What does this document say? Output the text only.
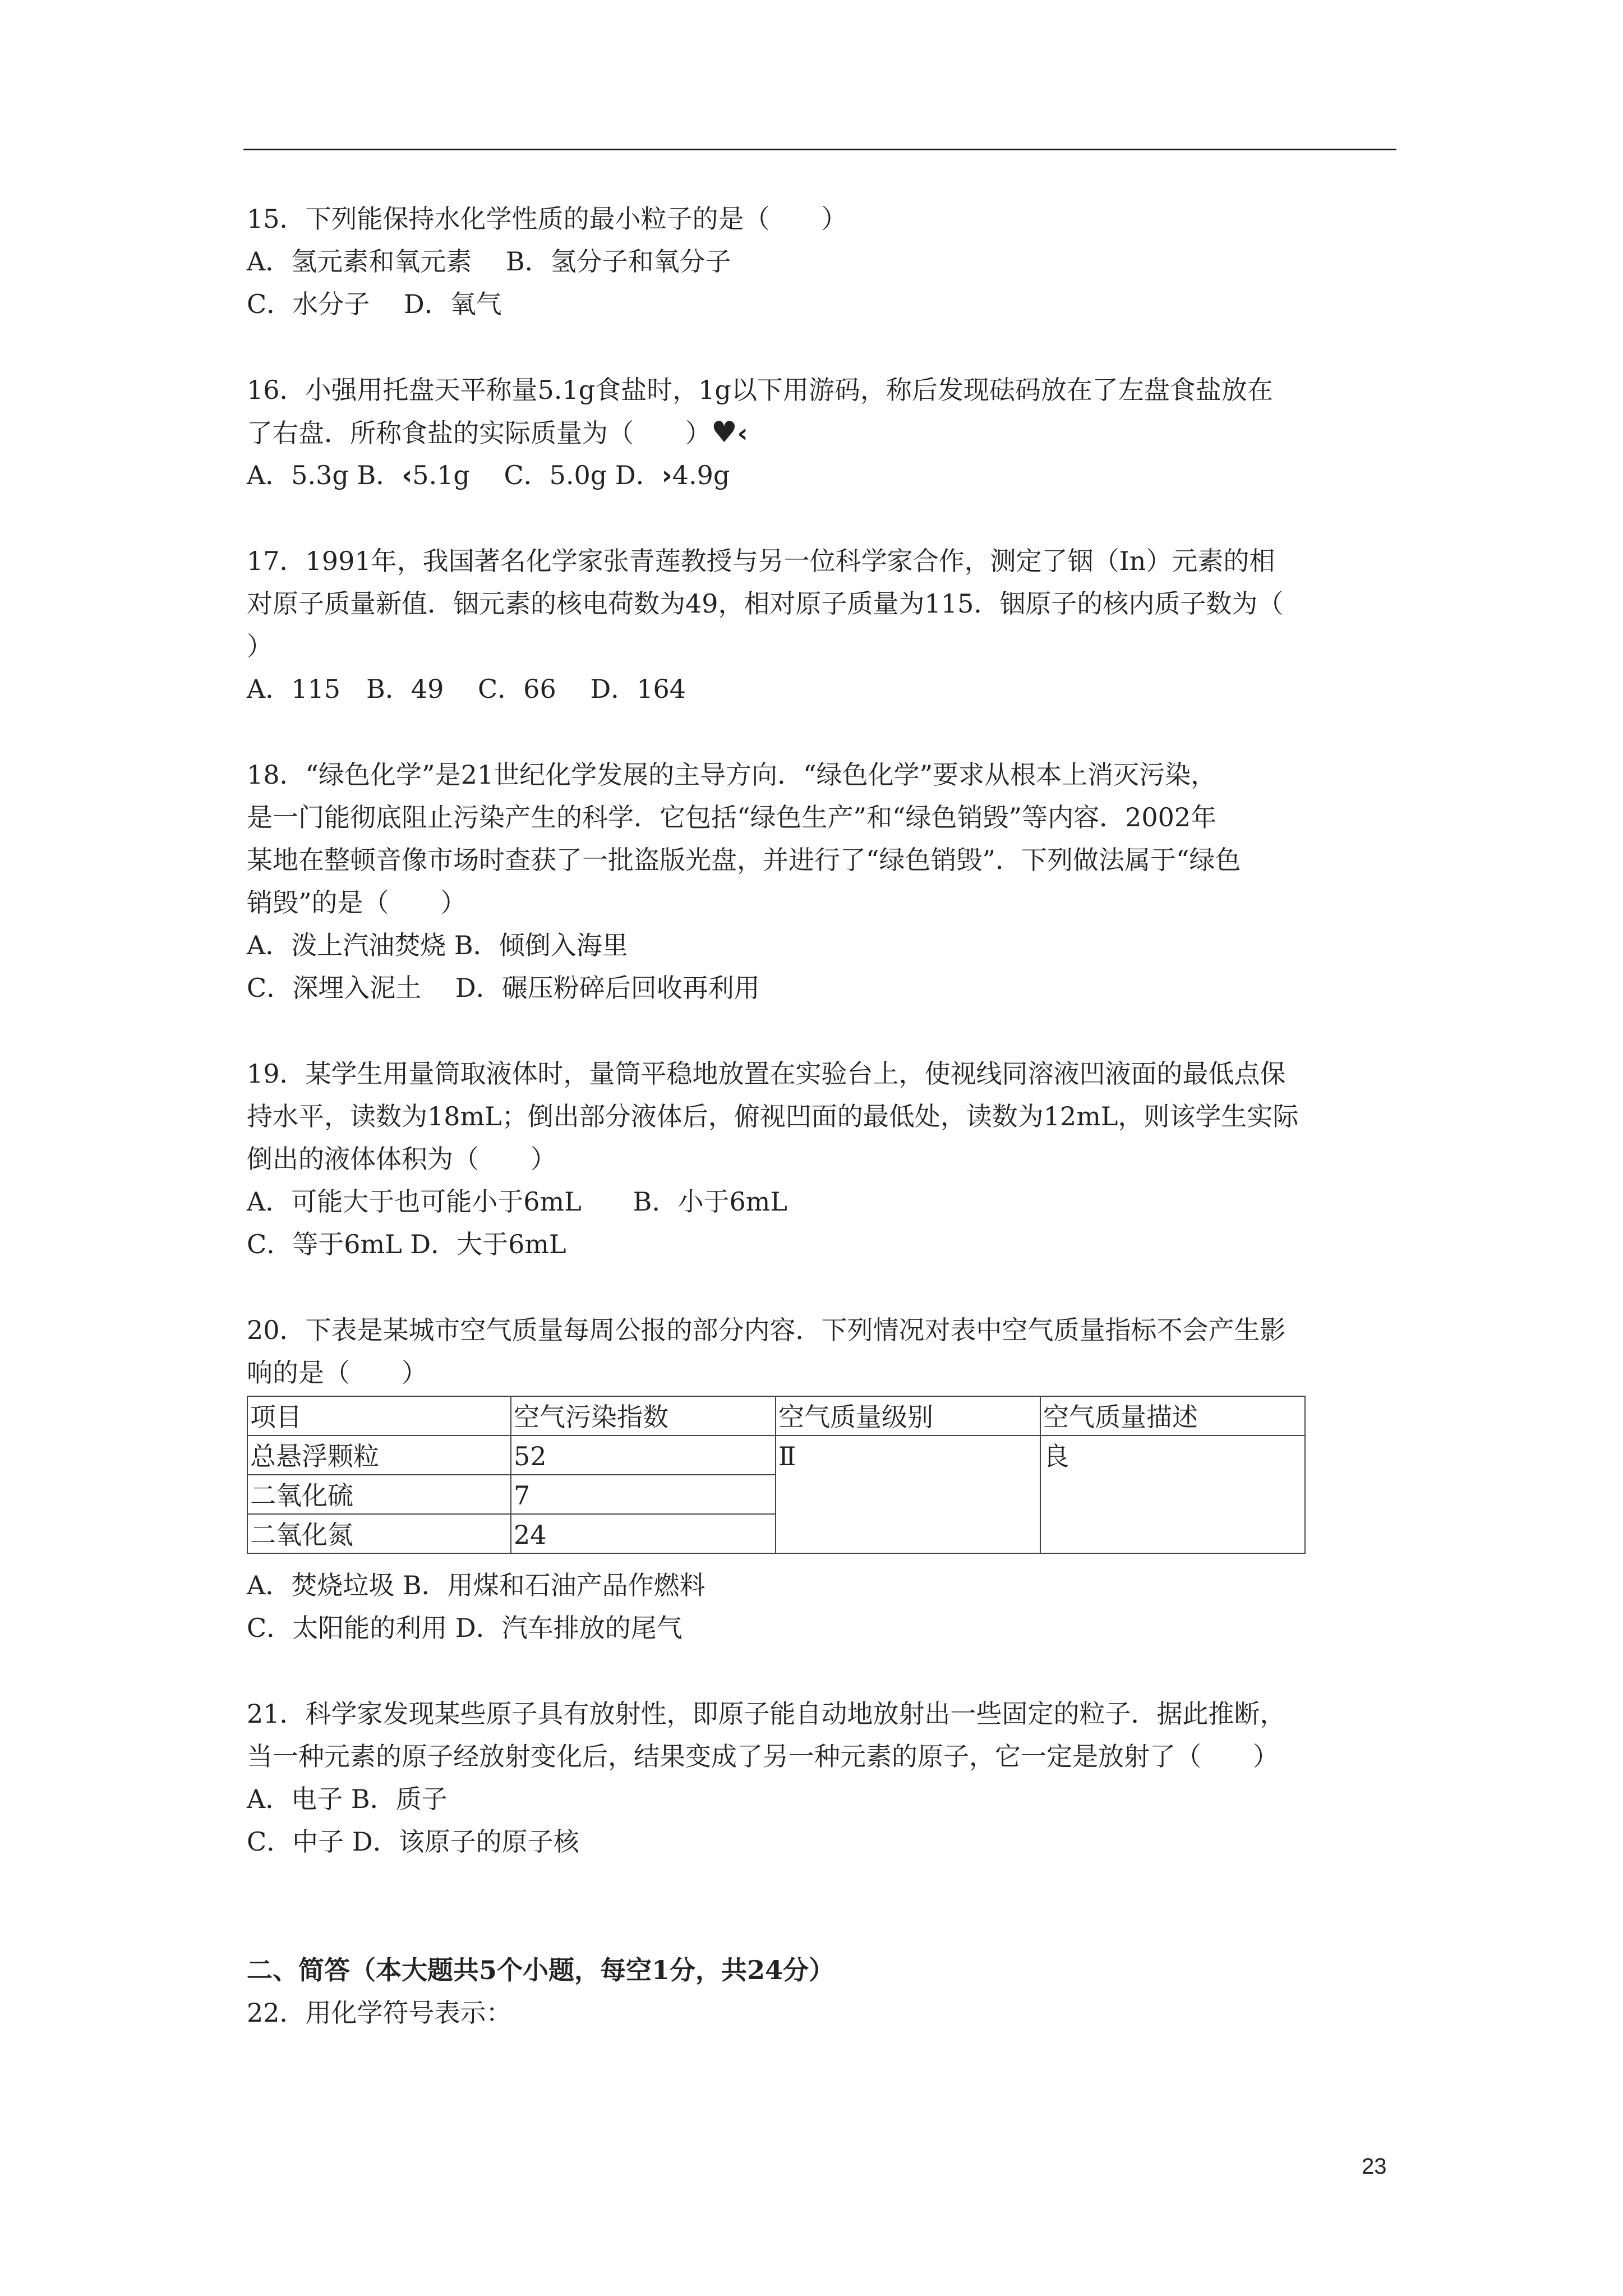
15．下列能保持水化学性质的最小粒子的是（　　）
A．氢元素和氧元素　 B．氢分子和氧分子
C．水分子　 D．氧气
16．小强用托盘天平称量5.1g食盐时，1g以下用游码，称后发现砝码放在了左盘食盐放在
了右盘．所称食盐的实际质量为（　　）♥‹
A．5.3g B．‹5.1g　 C．5.0g D．›4.9g
17．1991年，我国著名化学家张青莲教授与另一位科学家合作，测定了铟（In）元素的相
对原子质量新值．铟元素的核电荷数为49，相对原子质量为115．铟原子的核内质子数为（
）
A．115　B．49　 C．66　 D．164
18．“绿色化学”是21世纪化学发展的主导方向．“绿色化学”要求从根本上消灭污染，
是一门能彻底阻止污染产生的科学．它包括“绿色生产”和“绿色销毁”等内容．2002年
某地在整顿音像市场时查获了一批盗版光盘，并进行了“绿色销毁”．下列做法属于“绿色
销毁”的是（　　）
A．泼上汽油焚烧 B．倾倒入海里
C．深埋入泥土　 D．碾压粉碎后回收再利用
19．某学生用量筒取液体时，量筒平稳地放置在实验台上，使视线同溶液凹液面的最低点保
持水平，读数为18mL；倒出部分液体后，俯视凹面的最低处，读数为12mL，则该学生实际
倒出的液体体积为（　　）
A．可能大于也可能小于6mL　　B．小于6mL
C．等于6mL D．大于6mL
20．下表是某城市空气质量每周公报的部分内容．下列情况对表中空气质量指标不会产生影
响的是（　　）
项目	空气污染指数	空气质量级别	空气质量描述
总悬浮颗粒	52	Ⅱ	良
二氧化硫	7		
二氧化氮	24		
A．焚烧垃圾 B．用煤和石油产品作燃料
C．太阳能的利用 D．汽车排放的尾气
21．科学家发现某些原子具有放射性，即原子能自动地放射出一些固定的粒子．据此推断，
当一种元素的原子经放射变化后，结果变成了另一种元素的原子，它一定是放射了（　　）
A．电子 B．质子
C．中子 D．该原子的原子核
二、简答（本大题共5个小题，每空1分，共24分）
22．用化学符号表示：
23
